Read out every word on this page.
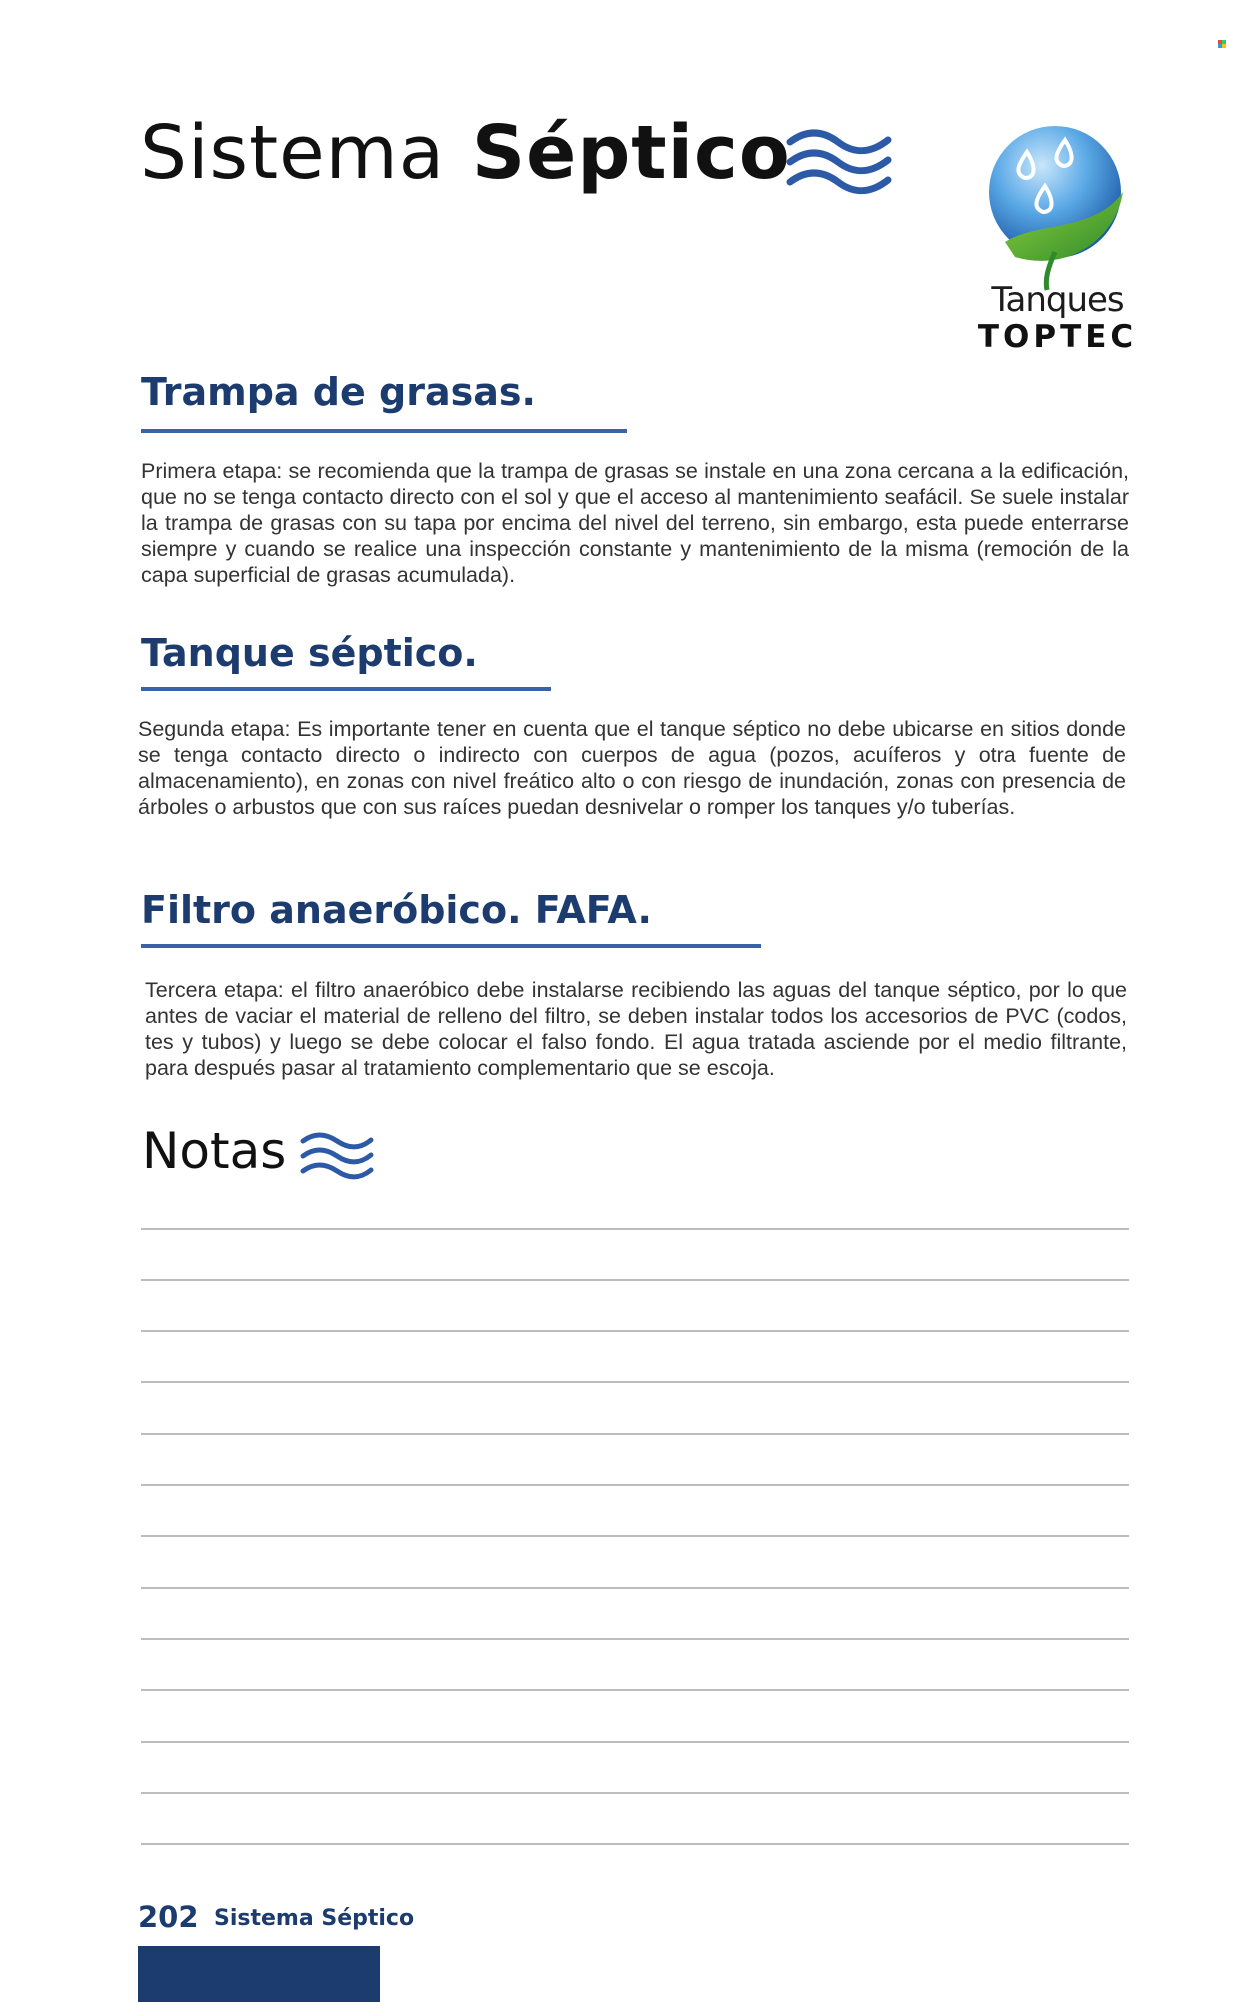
Sistema Séptico
Tanques
TOPTEC
Trampa de grasas.

Primera etapa: se recomienda que la trampa de grasas se instale en una zona cercana a la edificación, que no se tenga contacto directo con el sol y que el acceso al mantenimiento seafácil. Se suele instalar la trampa de grasas con su tapa por encima del nivel del terreno, sin embargo, esta puede enterrarse siempre y cuando se realice una inspección constante y mantenimiento de la misma (remoción de la capa superficial de grasas acumulada).

Tanque séptico.

Segunda etapa: Es importante tener en cuenta que el tanque séptico no debe ubicarse en sitios donde se tenga contacto directo o indirecto con cuerpos de agua (pozos, acuíferos y otra fuente de almacenamiento), en zonas con nivel freático alto o con riesgo de inundación, zonas con presencia de árboles o arbustos que con sus raíces puedan desnivelar o romper los tanques y/o tuberías.

Filtro anaeróbico. FAFA.

Tercera etapa: el filtro anaeróbico debe instalarse recibiendo las aguas del tanque séptico, por lo que antes de vaciar el material de relleno del filtro, se deben instalar todos los accesorios de PVC (codos, tes y tubos) y luego se debe colocar el falso fondo. El agua tratada asciende por el medio filtrante, para después pasar al tratamiento complementario que se escoja.

Notas
202 Sistema Séptico
